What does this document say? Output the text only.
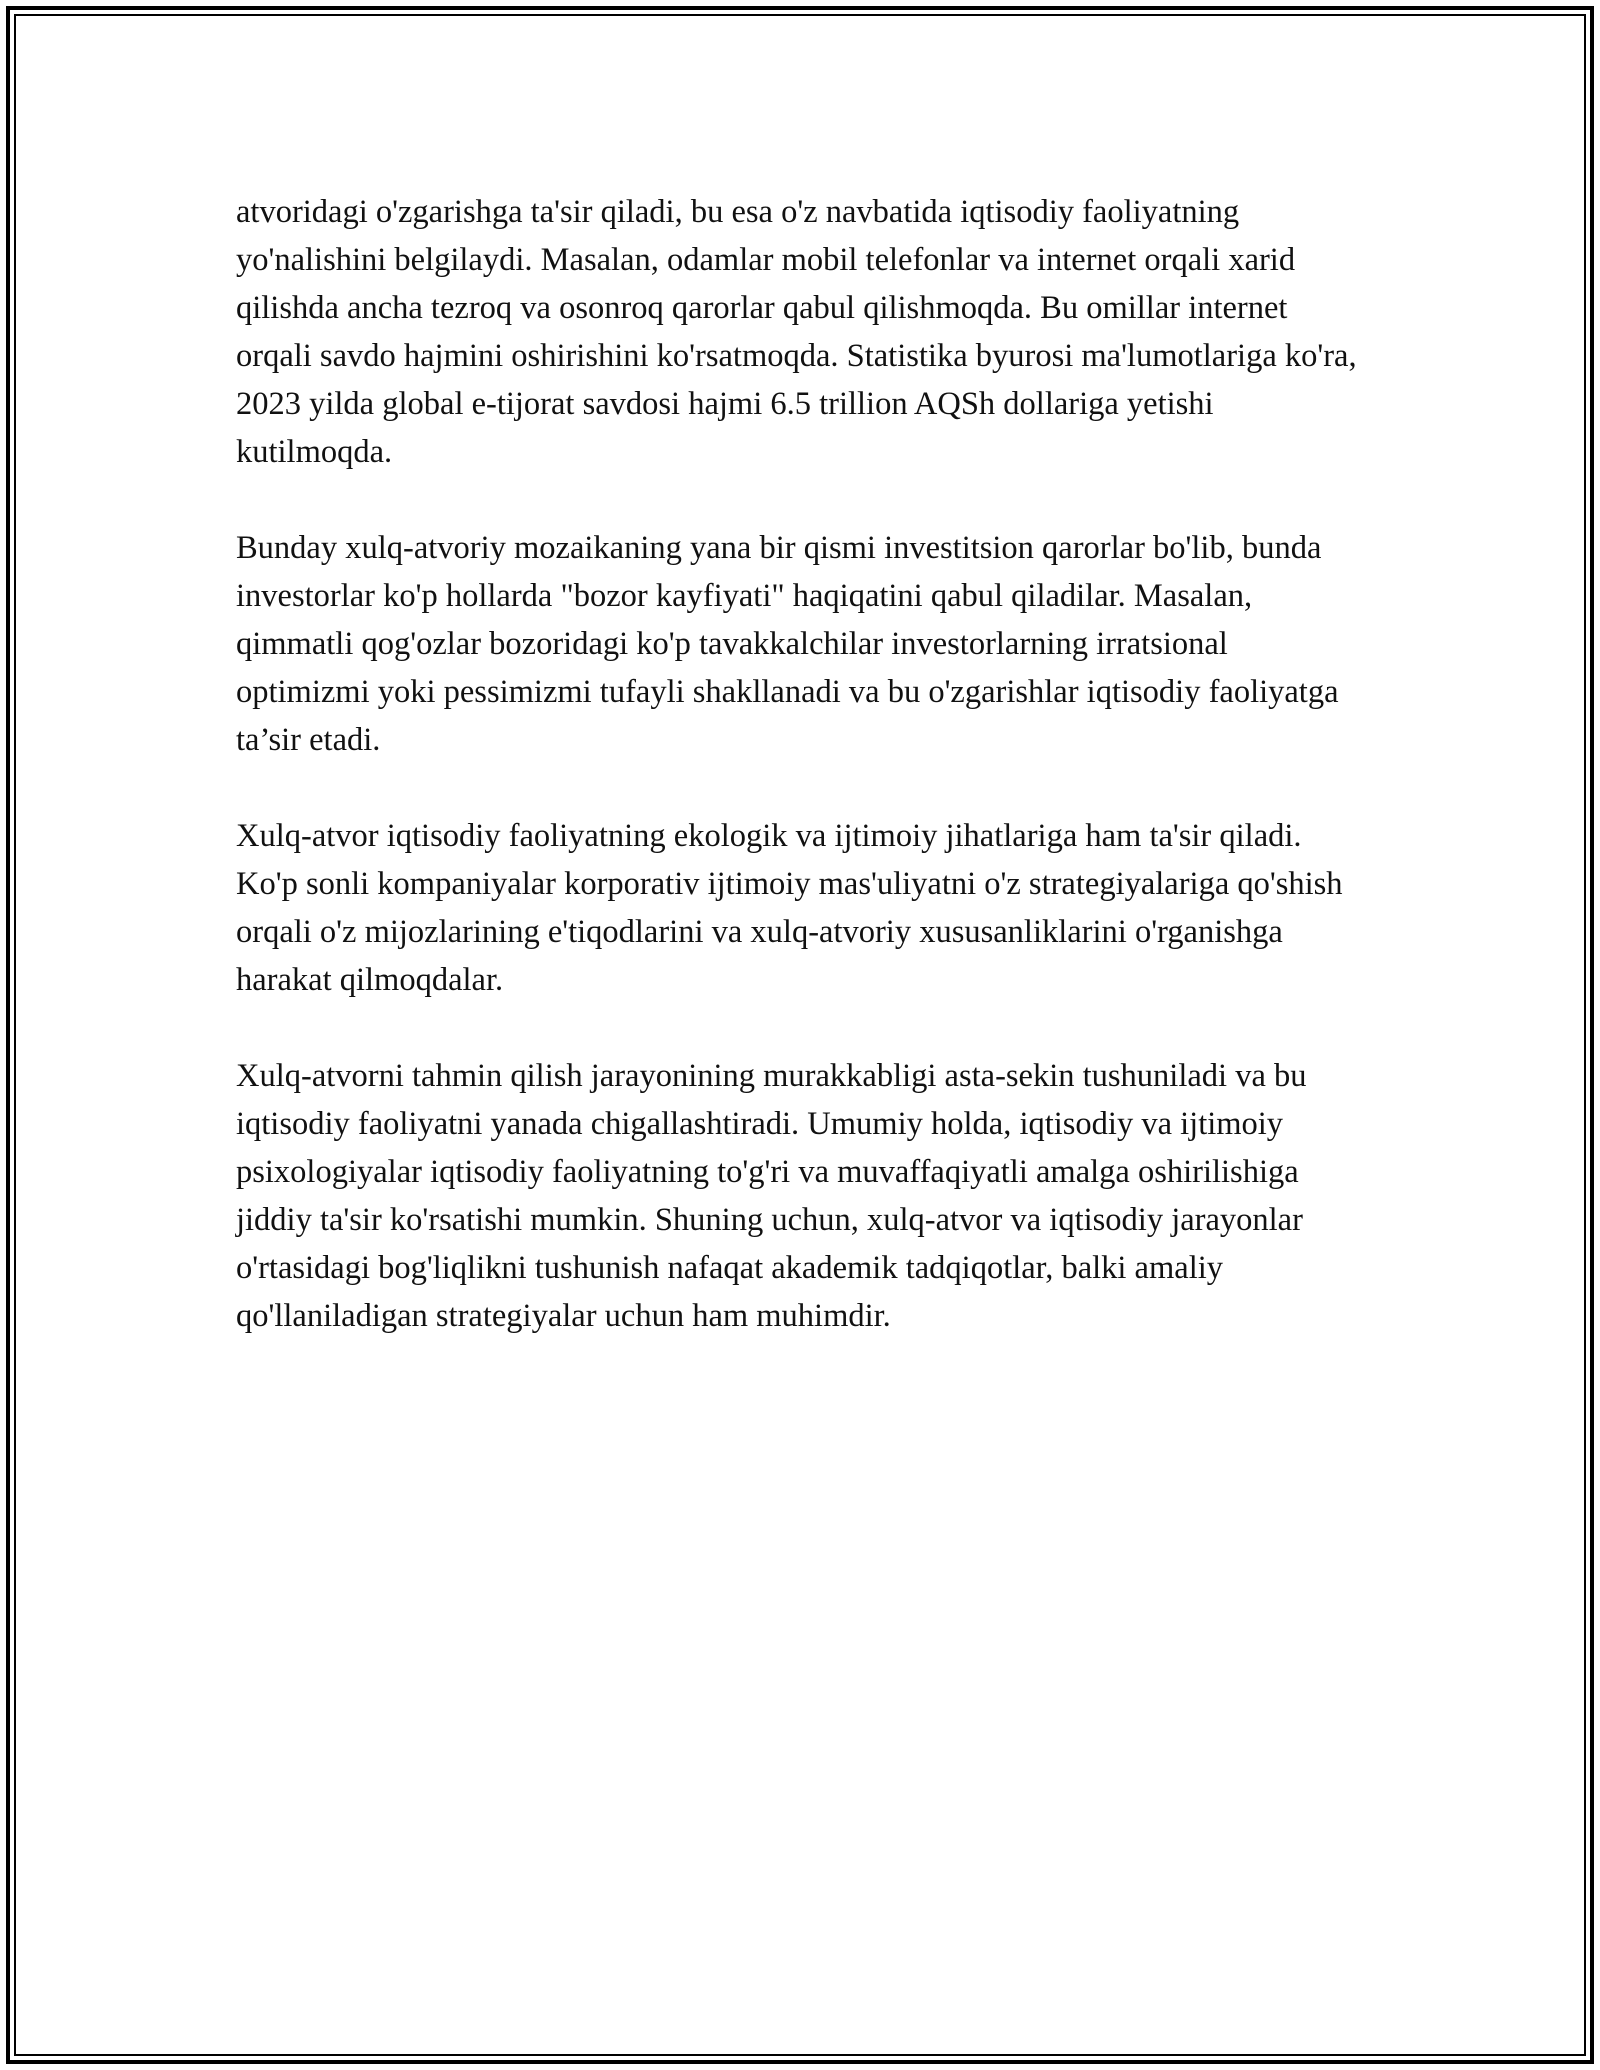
atvoridagi o'zgarishga ta'sir qiladi, bu esa o'z navbatida iqtisodiy faoliyatning yo'nalishini belgilaydi. Masalan, odamlar mobil telefonlar va internet orqali xarid qilishda ancha tezroq va osonroq qarorlar qabul qilishmoqda. Bu omillar internet orqali savdo hajmini oshirishini ko'rsatmoqda. Statistika byurosi ma'lumotlariga ko'ra, 2023 yilda global e-tijorat savdosi hajmi 6.5 trillion AQSh dollariga yetishi kutilmoqda.

Bunday xulq-atvoriy mozaikaning yana bir qismi investitsion qarorlar bo'lib, bunda investorlar ko'p hollarda "bozor kayfiyati" haqiqatini qabul qiladilar. Masalan, qimmatli qog'ozlar bozoridagi ko'p tavakkalchilar investorlarning irratsional optimizmi yoki pessimizmi tufayli shakllanadi va bu o'zgarishlar iqtisodiy faoliyatga ta’sir etadi.

Xulq-atvor iqtisodiy faoliyatning ekologik va ijtimoiy jihatlariga ham ta'sir qiladi. Ko'p sonli kompaniyalar korporativ ijtimoiy mas'uliyatni o'z strategiyalariga qo'shish orqali o'z mijozlarining e'tiqodlarini va xulq-atvoriy xususanliklarini o'rganishga harakat qilmoqdalar.

Xulq-atvorni tahmin qilish jarayonining murakkabligi asta-sekin tushuniladi va bu iqtisodiy faoliyatni yanada chigallashtiradi. Umumiy holda, iqtisodiy va ijtimoiy psixologiyalar iqtisodiy faoliyatning to'g'ri va muvaffaqiyatli amalga oshirilishiga jiddiy ta'sir ko'rsatishi mumkin. Shuning uchun, xulq-atvor va iqtisodiy jarayonlar o'rtasidagi bog'liqlikni tushunish nafaqat akademik tadqiqotlar, balki amaliy qo'llaniladigan strategiyalar uchun ham muhimdir.
